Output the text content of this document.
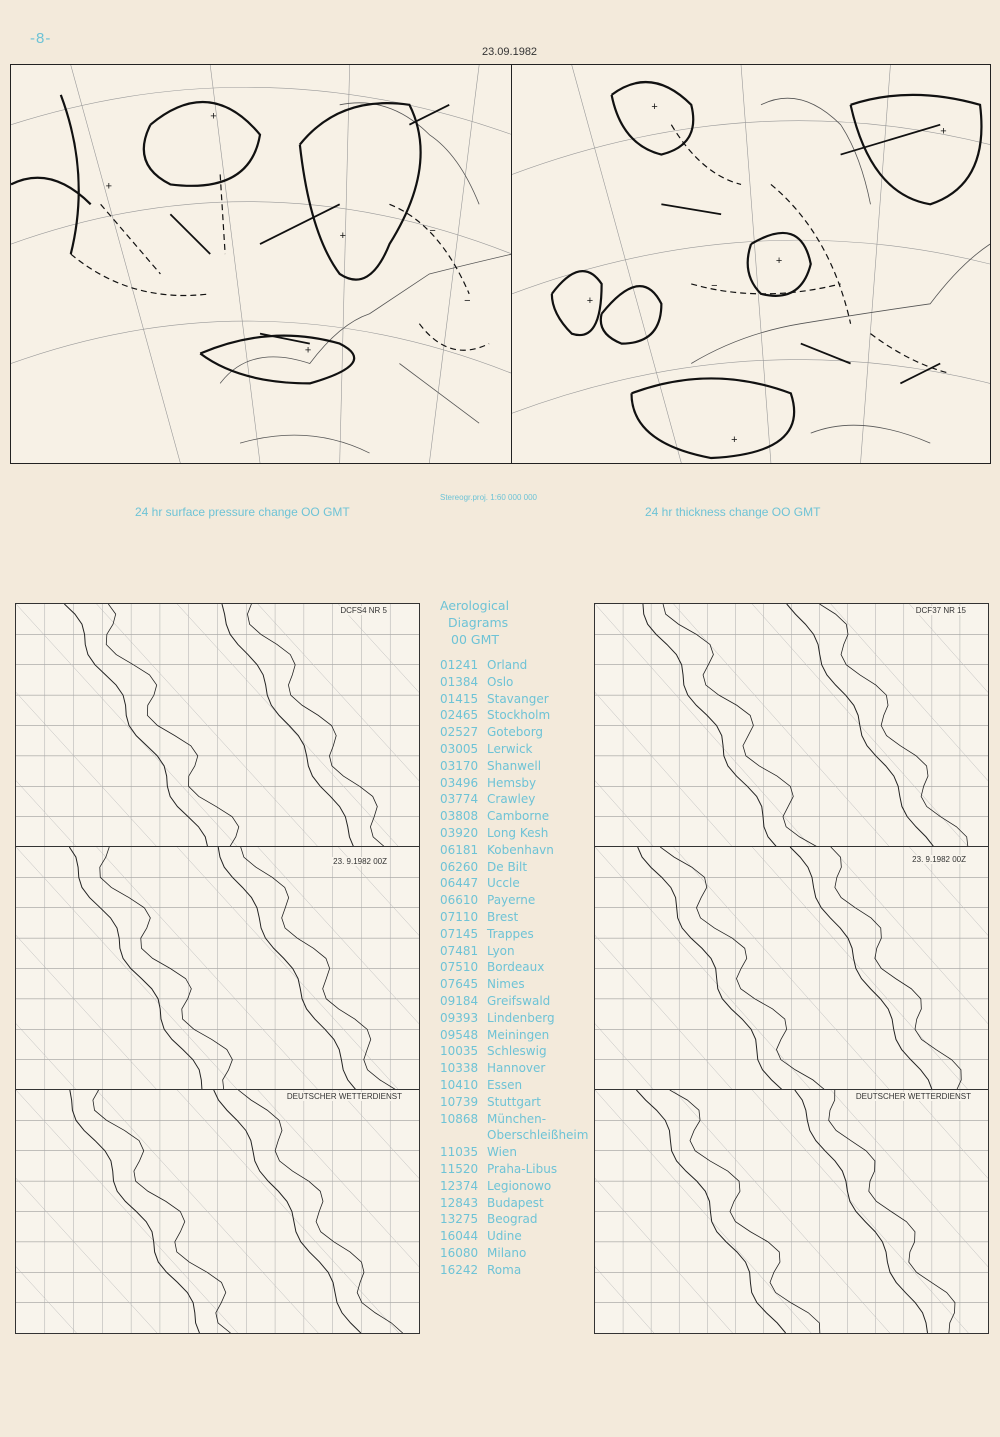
-8-
23.09.1982
+
+
+
+
−
−
+
+
+
+
+
−
Stereogr.proj. 1:60 000 000
24 hr surface pressure change OO GMT	24 hr thickness change OO GMT
DCFS4 NR 5
23. 9.1982 00Z
DEUTSCHER WETTERDIENST
DCF37 NR 15
23. 9.1982 00Z
DEUTSCHER WETTERDIENST
Aerological
Diagrams
00 GMT
01241 Orland
01384 Oslo
01415 Stavanger
02465 Stockholm
02527 Goteborg
03005 Lerwick
03170 Shanwell
03496 Hemsby
03774 Crawley
03808 Camborne
03920 Long Kesh
06181 Kobenhavn
06260 De Bilt
06447 Uccle
06610 Payerne
07110 Brest
07145 Trappes
07481 Lyon
07510 Bordeaux
07645 Nimes
09184 Greifswald
09393 Lindenberg
09548 Meiningen
10035 Schleswig
10338 Hannover
10410 Essen
10739 Stuttgart
10868 München-
Oberschleißheim
11035 Wien
11520 Praha-Libus
12374 Legionowo
12843 Budapest
13275 Beograd
16044 Udine
16080 Milano
16242 Roma
